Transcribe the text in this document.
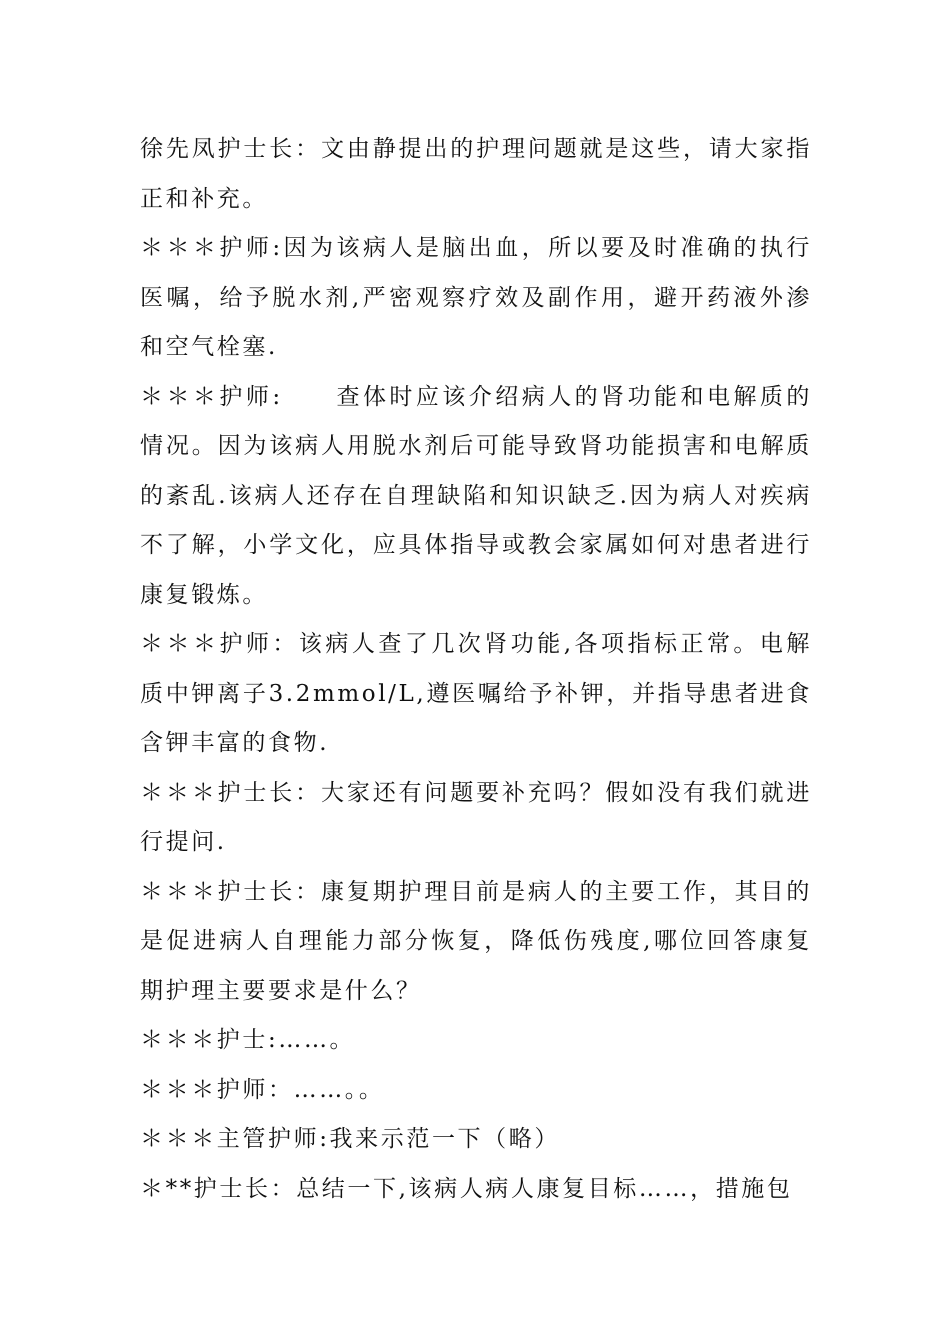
徐先凤护士长：文由静提出的护理问题就是这些，请大家指正和补充。

＊＊＊护师:因为该病人是脑出血，所以要及时准确的执行医嘱，给予脱水剂,严密观察疗效及副作用，避开药液外渗和空气栓塞.

＊＊＊护师:　　查体时应该介绍病人的肾功能和电解质的情况。因为该病人用脱水剂后可能导致肾功能损害和电解质的紊乱.该病人还存在自理缺陷和知识缺乏.因为病人对疾病不了解，小学文化，应具体指导或教会家属如何对患者进行康复锻炼。

＊＊＊护师：该病人查了几次肾功能,各项指标正常。电解质中钾离子3.2mmol/L,遵医嘱给予补钾，并指导患者进食含钾丰富的食物.

＊＊＊护士长：大家还有问题要补充吗？假如没有我们就进行提问.

＊＊＊护士长：康复期护理目前是病人的主要工作，其目的是促进病人自理能力部分恢复，降低伤残度,哪位回答康复期护理主要要求是什么？

＊＊＊护士:……。

＊＊＊护师：……。。

＊＊＊主管护师:我来示范一下（略）

＊**护士长：总结一下,该病人病人康复目标……，措施包
